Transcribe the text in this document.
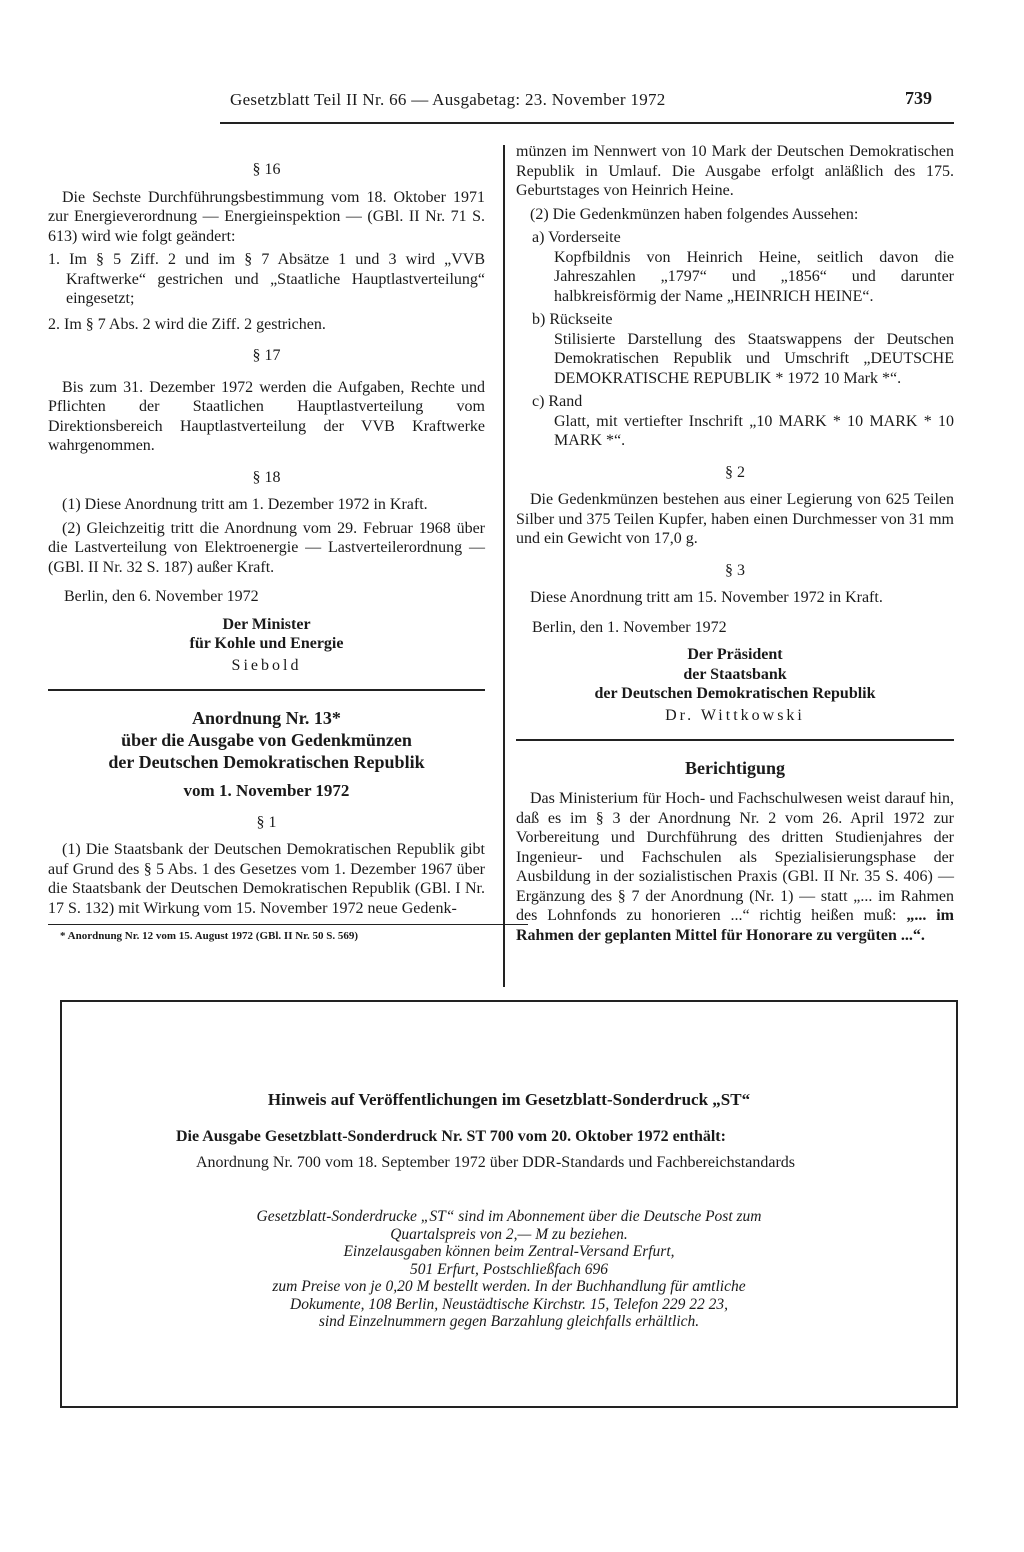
Gesetzblatt Teil II Nr. 66 — Ausgabetag: 23. November 1972	739

§ 16

Die Sechste Durchführungsbestimmung vom 18. Oktober 1971 zur Energieverordnung — Energieinspektion — (GBl. II Nr. 71 S. 613) wird wie folgt geändert:

1. Im § 5 Ziff. 2 und im § 7 Absätze 1 und 3 wird „VVB Kraftwerke“ gestrichen und „Staatliche Hauptlastverteilung“ eingesetzt;

2. Im § 7 Abs. 2 wird die Ziff. 2 gestrichen.

§ 17

Bis zum 31. Dezember 1972 werden die Aufgaben, Rechte und Pflichten der Staatlichen Hauptlastverteilung vom Direktionsbereich Hauptlastverteilung der VVB Kraftwerke wahrgenommen.

§ 18

(1) Diese Anordnung tritt am 1. Dezember 1972 in Kraft.

(2) Gleichzeitig tritt die Anordnung vom 29. Februar 1968 über die Lastverteilung von Elektroenergie — Lastverteilerordnung — (GBl. II Nr. 32 S. 187) außer Kraft.

Berlin, den 6. November 1972

Der Minister

für Kohle und Energie

Siebold

Anordnung Nr. 13*

über die Ausgabe von Gedenkmünzen

der Deutschen Demokratischen Republik

vom 1. November 1972

§ 1

(1) Die Staatsbank der Deutschen Demokratischen Republik gibt auf Grund des § 5 Abs. 1 des Gesetzes vom 1. Dezember 1967 über die Staatsbank der Deutschen Demokratischen Republik (GBl. I Nr. 17 S. 132) mit Wirkung vom 15. November 1972 neue Gedenk-

* Anordnung Nr. 12 vom 15. August 1972 (GBl. II Nr. 50 S. 569)

münzen im Nennwert von 10 Mark der Deutschen Demokratischen Republik in Umlauf. Die Ausgabe erfolgt anläßlich des 175. Geburtstages von Heinrich Heine.

(2) Die Gedenkmünzen haben folgendes Aussehen:

a) Vorderseite

Kopfbildnis von Heinrich Heine, seitlich davon die Jahreszahlen „1797“ und „1856“ und darunter halbkreisförmig der Name „HEINRICH HEINE“.

b) Rückseite

Stilisierte Darstellung des Staatswappens der Deutschen Demokratischen Republik und Umschrift „DEUTSCHE DEMOKRATISCHE REPUBLIK * 1972 10 Mark *“.

c) Rand

Glatt, mit vertiefter Inschrift „10 MARK * 10 MARK * 10 MARK *“.

§ 2

Die Gedenkmünzen bestehen aus einer Legierung von 625 Teilen Silber und 375 Teilen Kupfer, haben einen Durchmesser von 31 mm und ein Gewicht von 17,0 g.

§ 3

Diese Anordnung tritt am 15. November 1972 in Kraft.

Berlin, den 1. November 1972

Der Präsident

der Staatsbank

der Deutschen Demokratischen Republik

Dr. Wittkowski

Berichtigung

Das Ministerium für Hoch- und Fachschulwesen weist darauf hin, daß es im § 3 der Anordnung Nr. 2 vom 26. April 1972 zur Vorbereitung und Durchführung des dritten Studienjahres der Ingenieur- und Fachschulen als Spezialisierungsphase der Ausbildung in der sozialistischen Praxis (GBl. II Nr. 35 S. 406) — Ergänzung des § 7 der Anordnung (Nr. 1) — statt „... im Rahmen des Lohnfonds zu honorieren ...“ richtig heißen muß: „... im Rahmen der geplanten Mittel für Honorare zu vergüten ...“.

Hinweis auf Veröffentlichungen im Gesetzblatt-Sonderdruck „ST“
Die Ausgabe Gesetzblatt-Sonderdruck Nr. ST 700 vom 20. Oktober 1972 enthält:
Anordnung Nr. 700 vom 18. September 1972 über DDR-Standards und Fachbereichstandards
Gesetzblatt-Sonderdrucke „ST“ sind im Abonnement über die Deutsche Post zum
Quartalspreis von 2,— M zu beziehen.
Einzelausgaben können beim Zentral-Versand Erfurt,
501 Erfurt, Postschließfach 696
zum Preise von je 0,20 M bestellt werden. In der Buchhandlung für amtliche
Dokumente, 108 Berlin, Neustädtische Kirchstr. 15, Telefon 229 22 23,
sind Einzelnummern gegen Barzahlung gleichfalls erhältlich.
